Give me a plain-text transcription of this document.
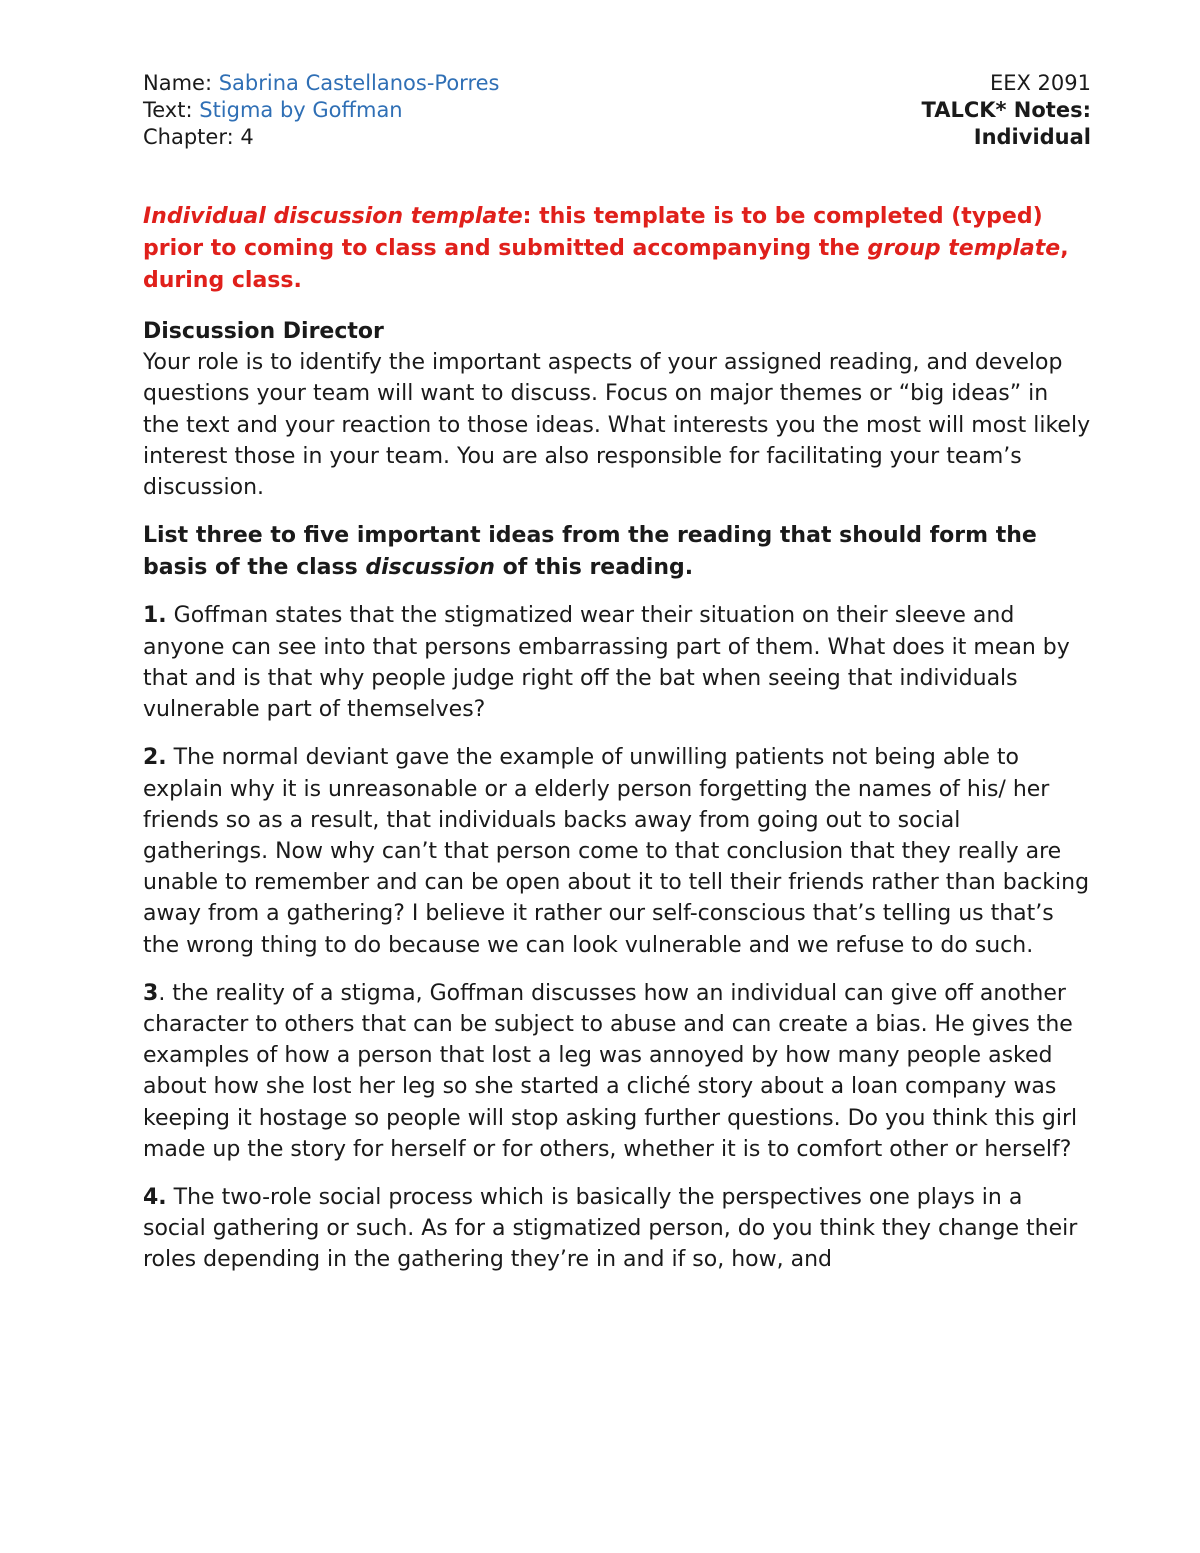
Name: Sabrina Castellanos-Porres	EEX 2091
Text: Stigma by Goffman	TALCK* Notes:
Chapter: 4	Individual
Individual discussion template: this template is to be completed (typed) prior to coming to class and submitted accompanying the group template, during class.
Discussion Director
Your role is to identify the important aspects of your assigned reading, and develop questions your team will want to discuss. Focus on major themes or “big ideas” in the text and your reaction to those ideas. What interests you the most will most likely interest those in your team. You are also responsible for facilitating your team’s discussion.
List three to five important ideas from the reading that should form the basis of the class discussion of this reading.
1. Goffman states that the stigmatized wear their situation on their sleeve and anyone can see into that persons embarrassing part of them. What does it mean by that and is that why people judge right off the bat when seeing that individuals vulnerable part of themselves?
2. The normal deviant gave the example of unwilling patients not being able to explain why it is unreasonable or a elderly person forgetting the names of his/ her friends so as a result, that individuals backs away from going out to social gatherings. Now why can’t that person come to that conclusion that they really are unable to remember and can be open about it to tell their friends rather than backing away from a gathering? I believe it rather our self-conscious that’s telling us that’s the wrong thing to do because we can look vulnerable and we refuse to do such.
3. the reality of a stigma, Goffman discusses how an individual can give off another character to others that can be subject to abuse and can create a bias. He gives the examples of how a person that lost a leg was annoyed by how many people asked about how she lost her leg so she started a cliché story about a loan company was keeping it hostage so people will stop asking further questions. Do you think this girl made up the story for herself or for others, whether it is to comfort other or herself?
4. The two-role social process which is basically the perspectives one plays in a social gathering or such. As for a stigmatized person, do you think they change their roles depending in the gathering they’re in and if so, how, and
